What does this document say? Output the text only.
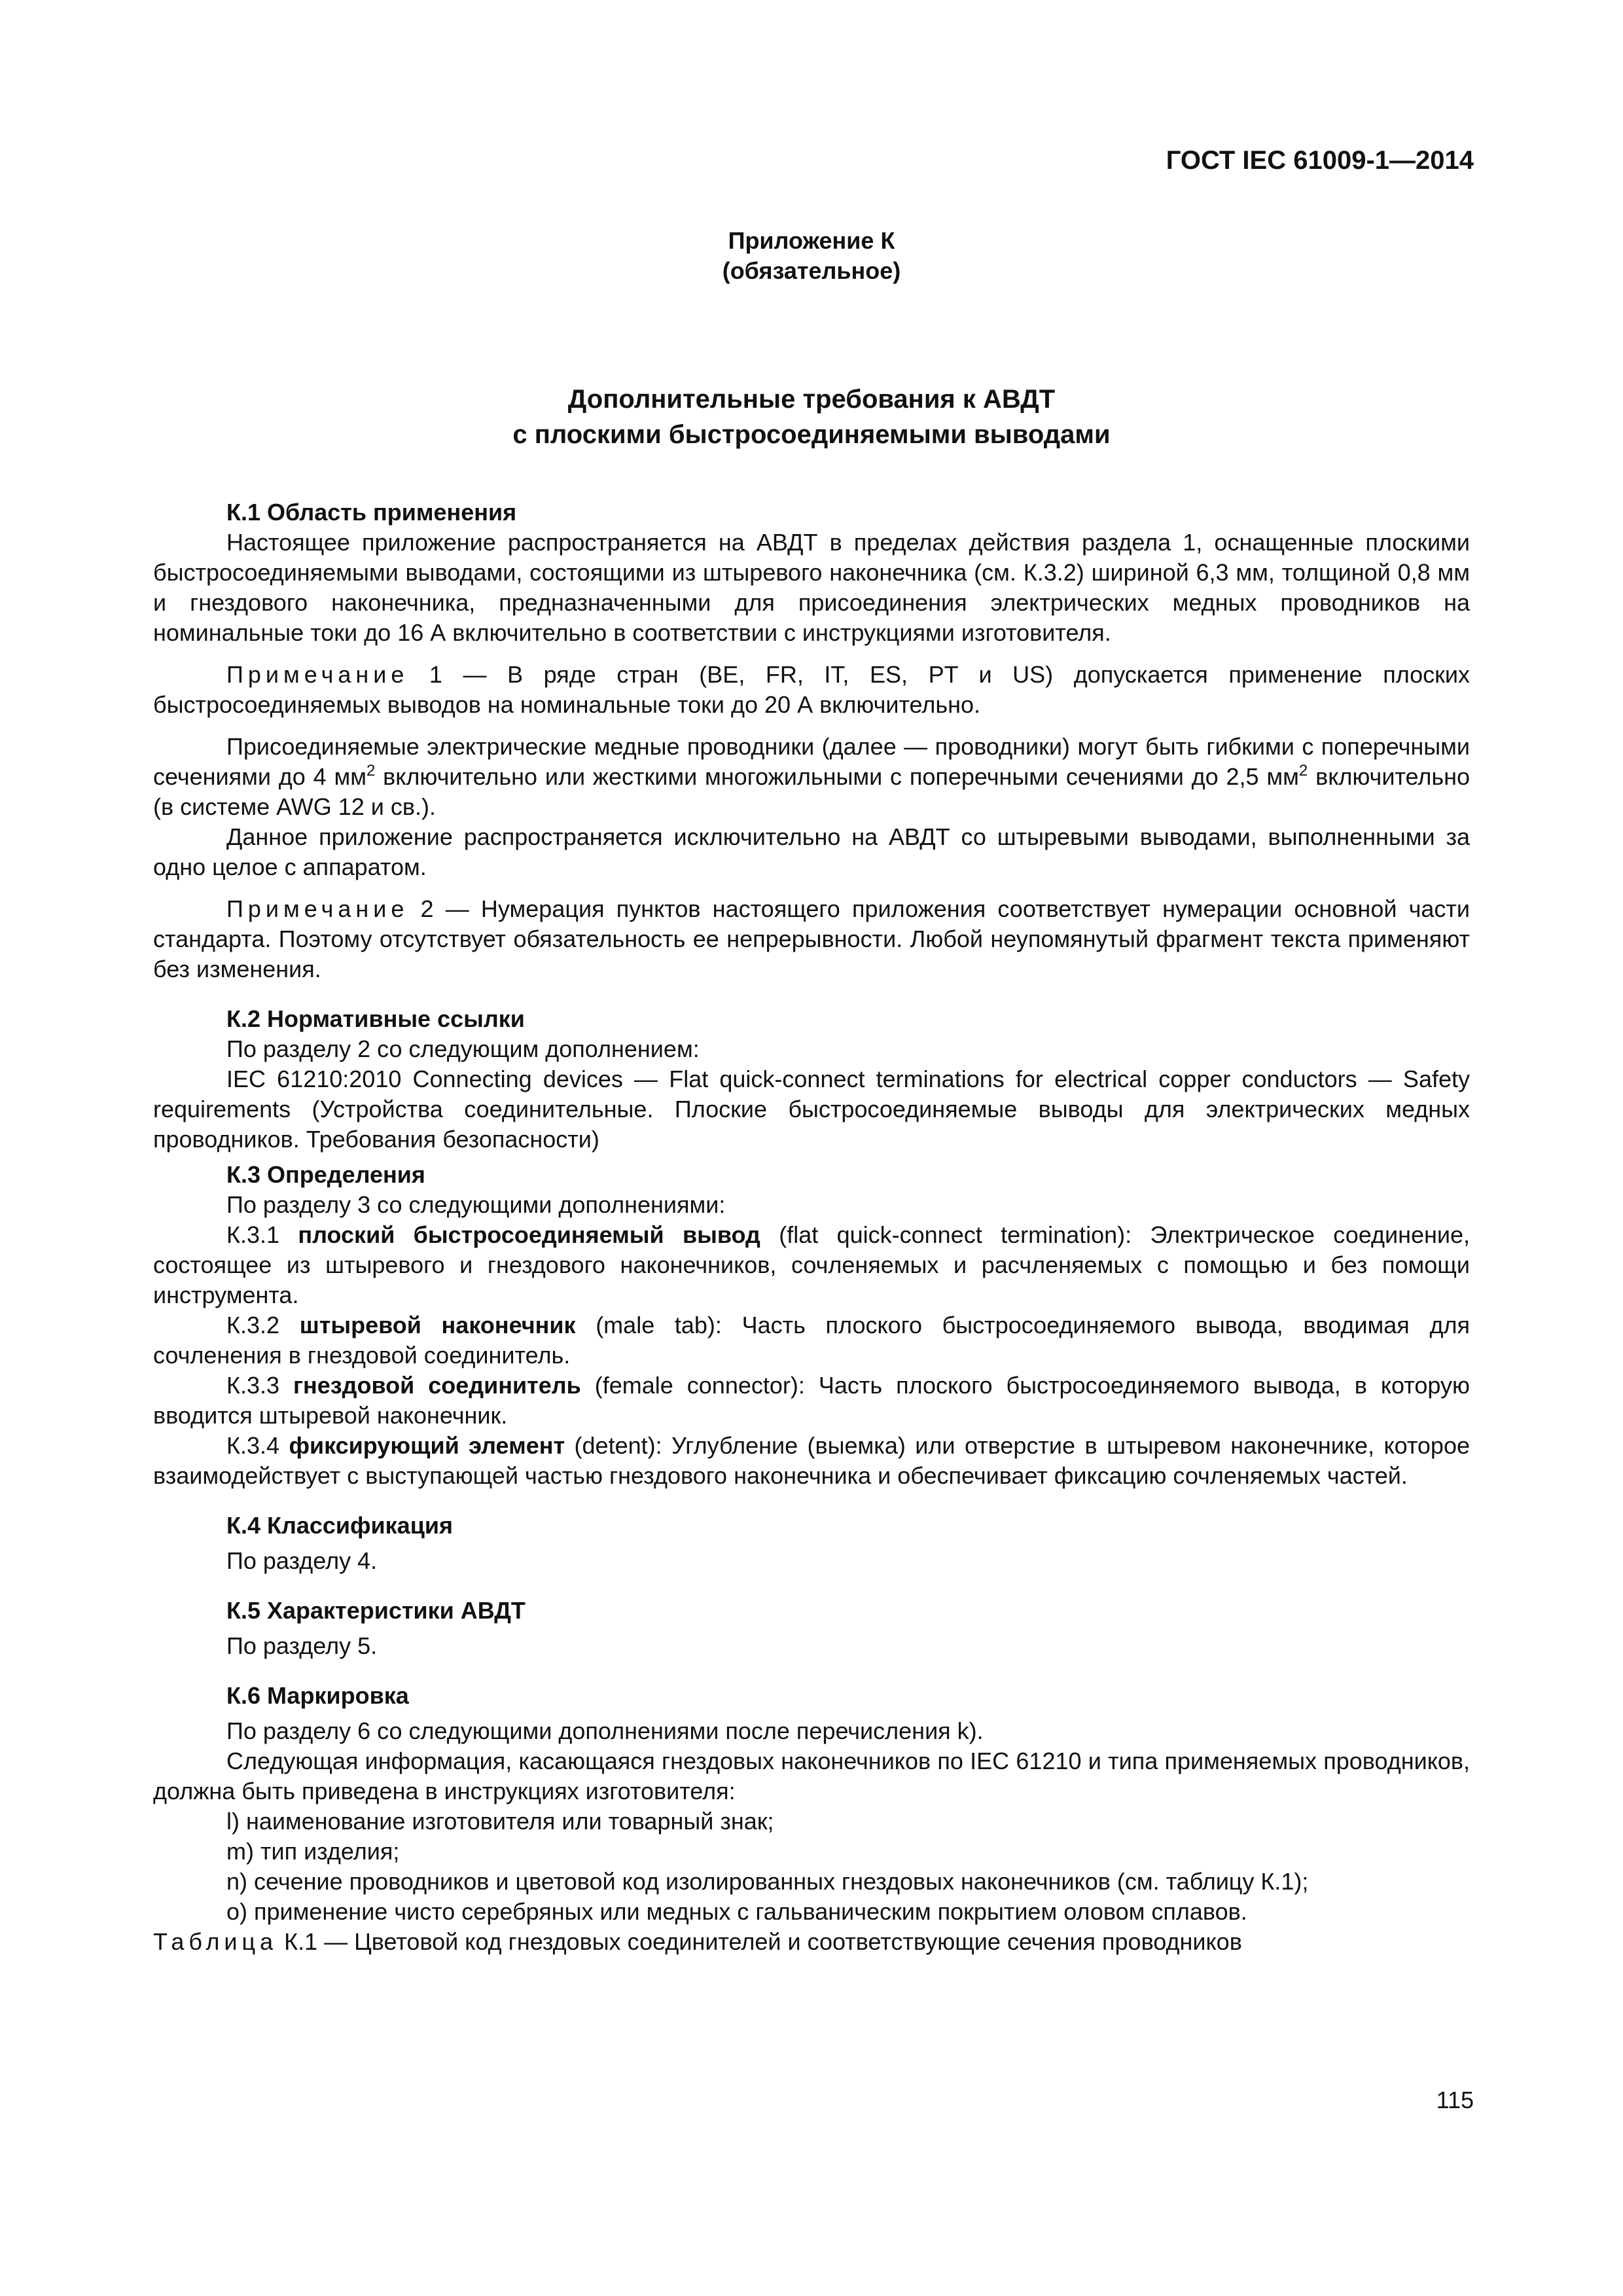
ГОСТ IEC 61009-1—2014
Приложение К
(обязательное)
Дополнительные требования к АВДТ
с плоскими быстросоединяемыми выводами

К.1 Область применения

Настоящее приложение распространяется на АВДТ в пределах действия раздела 1, оснащенные плоскими быстросоединяемыми выводами, состоящими из штыревого наконечника (см. К.3.2) шириной 6,3 мм, толщиной 0,8 мм и гнездового наконечника, предназначенными для присоединения электрических медных проводников на номинальные токи до 16 А включительно в соответствии с инструкциями изготовителя.

Примечание 1 — В ряде стран (BE, FR, IT, ES, PT и US) допускается применение плоских быстросоединяемых выводов на номинальные токи до 20 А включительно.

Присоединяемые электрические медные проводники (далее — проводники) могут быть гибкими с поперечными сечениями до 4 $мм^2$ включительно или жесткими многожильными с поперечными сечениями до 2,5 $мм^2$ включительно (в системе AWG 12 и св.).

Данное приложение распространяется исключительно на АВДТ со штыревыми выводами, выполненными за одно целое с аппаратом.

Примечание 2 — Нумерация пунктов настоящего приложения соответствует нумерации основной части стандарта. Поэтому отсутствует обязательность ее непрерывности. Любой неупомянутый фрагмент текста применяют без изменения.

К.2 Нормативные ссылки

По разделу 2 со следующим дополнением:

IEC 61210:2010 Connecting devices — Flat quick-connect terminations for electrical copper conductors — Safety requirements (Устройства соединительные. Плоские быстросоединяемые выводы для электрических медных проводников. Требования безопасности)

К.3 Определения

По разделу 3 со следующими дополнениями:

К.3.1 плоский быстросоединяемый вывод (flat quick-connect termination): Электрическое соединение, состоящее из штыревого и гнездового наконечников, сочленяемых и расчленяемых с помощью и без помощи инструмента.

К.3.2 штыревой наконечник (male tab): Часть плоского быстросоединяемого вывода, вводимая для сочленения в гнездовой соединитель.

К.3.3 гнездовой соединитель (female connector): Часть плоского быстросоединяемого вывода, в которую вводится штыревой наконечник.

К.3.4 фиксирующий элемент (detent): Углубление (выемка) или отверстие в штыревом наконечнике, которое взаимодействует с выступающей частью гнездового наконечника и обеспечивает фиксацию сочленяемых частей.

К.4 Классификация

По разделу 4.

К.5 Характеристики АВДТ

По разделу 5.

К.6 Маркировка

По разделу 6 со следующими дополнениями после перечисления k).

Следующая информация, касающаяся гнездовых наконечников по IEC 61210 и типа применяемых проводников, должна быть приведена в инструкциях изготовителя:

l) наименование изготовителя или товарный знак;

m) тип изделия;

n) сечение проводников и цветовой код изолированных гнездовых наконечников (см. таблицу К.1);

o) применение чисто серебряных или медных с гальваническим покрытием оловом сплавов.

Таблица К.1 — Цветовой код гнездовых соединителей и соответствующие сечения проводников

115
